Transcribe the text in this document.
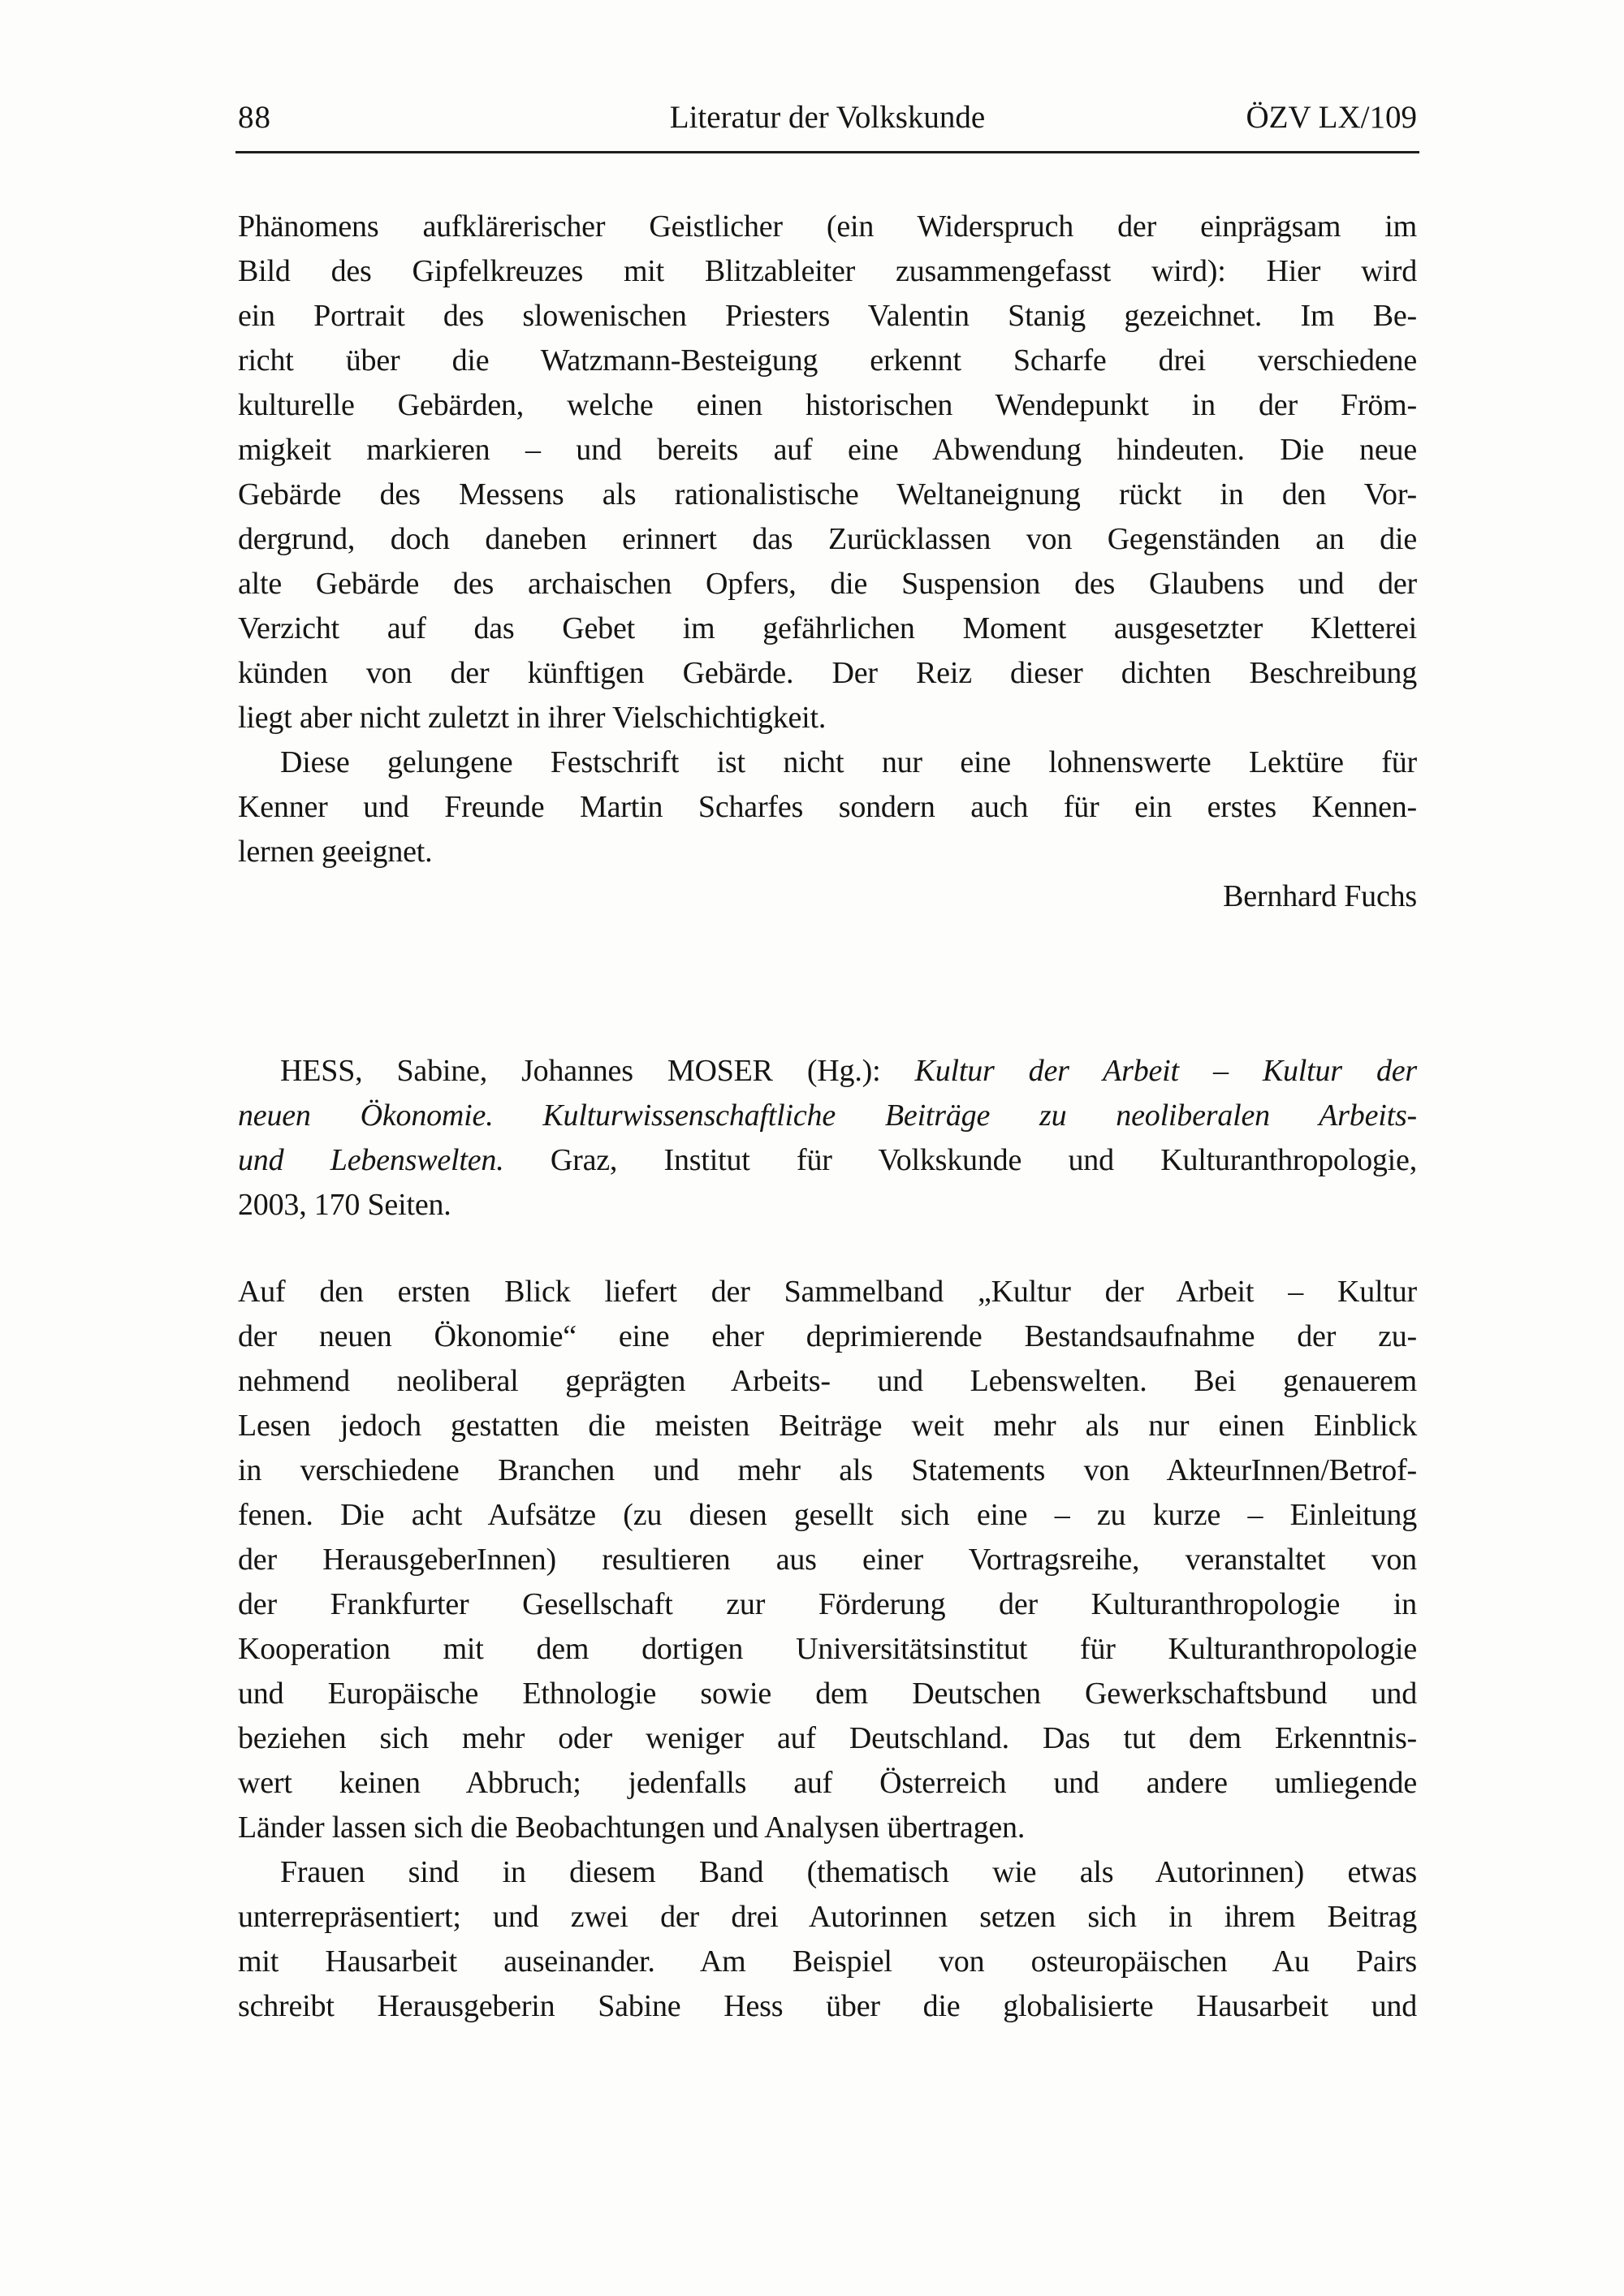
88	Literatur der Volkskunde	ÖZV LX/109
Phänomens aufklärerischer Geistlicher (ein Widerspruch der einprägsam im
Bild des Gipfelkreuzes mit Blitzableiter zusammengefasst wird): Hier wird
ein Portrait des slowenischen Priesters Valentin Stanig gezeichnet. Im Be-
richt über die Watzmann-Besteigung erkennt Scharfe drei verschiedene
kulturelle Gebärden, welche einen historischen Wendepunkt in der Fröm-
migkeit markieren – und bereits auf eine Abwendung hindeuten. Die neue
Gebärde des Messens als rationalistische Weltaneignung rückt in den Vor-
dergrund, doch daneben erinnert das Zurücklassen von Gegenständen an die
alte Gebärde des archaischen Opfers, die Suspension des Glaubens und der
Verzicht auf das Gebet im gefährlichen Moment ausgesetzter Kletterei
künden von der künftigen Gebärde. Der Reiz dieser dichten Beschreibung
liegt aber nicht zuletzt in ihrer Vielschichtigkeit.
Diese gelungene Festschrift ist nicht nur eine lohnenswerte Lektüre für
Kenner und Freunde Martin Scharfes sondern auch für ein erstes Kennen-
lernen geeignet.
Bernhard Fuchs
HESS, Sabine, Johannes MOSER (Hg.): Kultur der Arbeit – Kultur der
neuen Ökonomie. Kulturwissenschaftliche Beiträge zu neoliberalen Arbeits-
und Lebenswelten. Graz, Institut für Volkskunde und Kulturanthropologie,
2003, 170 Seiten.
Auf den ersten Blick liefert der Sammelband „Kultur der Arbeit – Kultur
der neuen Ökonomie“ eine eher deprimierende Bestandsaufnahme der zu-
nehmend neoliberal geprägten Arbeits- und Lebenswelten. Bei genauerem
Lesen jedoch gestatten die meisten Beiträge weit mehr als nur einen Einblick
in verschiedene Branchen und mehr als Statements von AkteurInnen/Betrof-
fenen. Die acht Aufsätze (zu diesen gesellt sich eine – zu kurze – Einleitung
der HerausgeberInnen) resultieren aus einer Vortragsreihe, veranstaltet von
der Frankfurter Gesellschaft zur Förderung der Kulturanthropologie in
Kooperation mit dem dortigen Universitätsinstitut für Kulturanthropologie
und Europäische Ethnologie sowie dem Deutschen Gewerkschaftsbund und
beziehen sich mehr oder weniger auf Deutschland. Das tut dem Erkenntnis-
wert keinen Abbruch; jedenfalls auf Österreich und andere umliegende
Länder lassen sich die Beobachtungen und Analysen übertragen.
Frauen sind in diesem Band (thematisch wie als Autorinnen) etwas
unterrepräsentiert; und zwei der drei Autorinnen setzen sich in ihrem Beitrag
mit Hausarbeit auseinander. Am Beispiel von osteuropäischen Au Pairs
schreibt Herausgeberin Sabine Hess über die globalisierte Hausarbeit und
